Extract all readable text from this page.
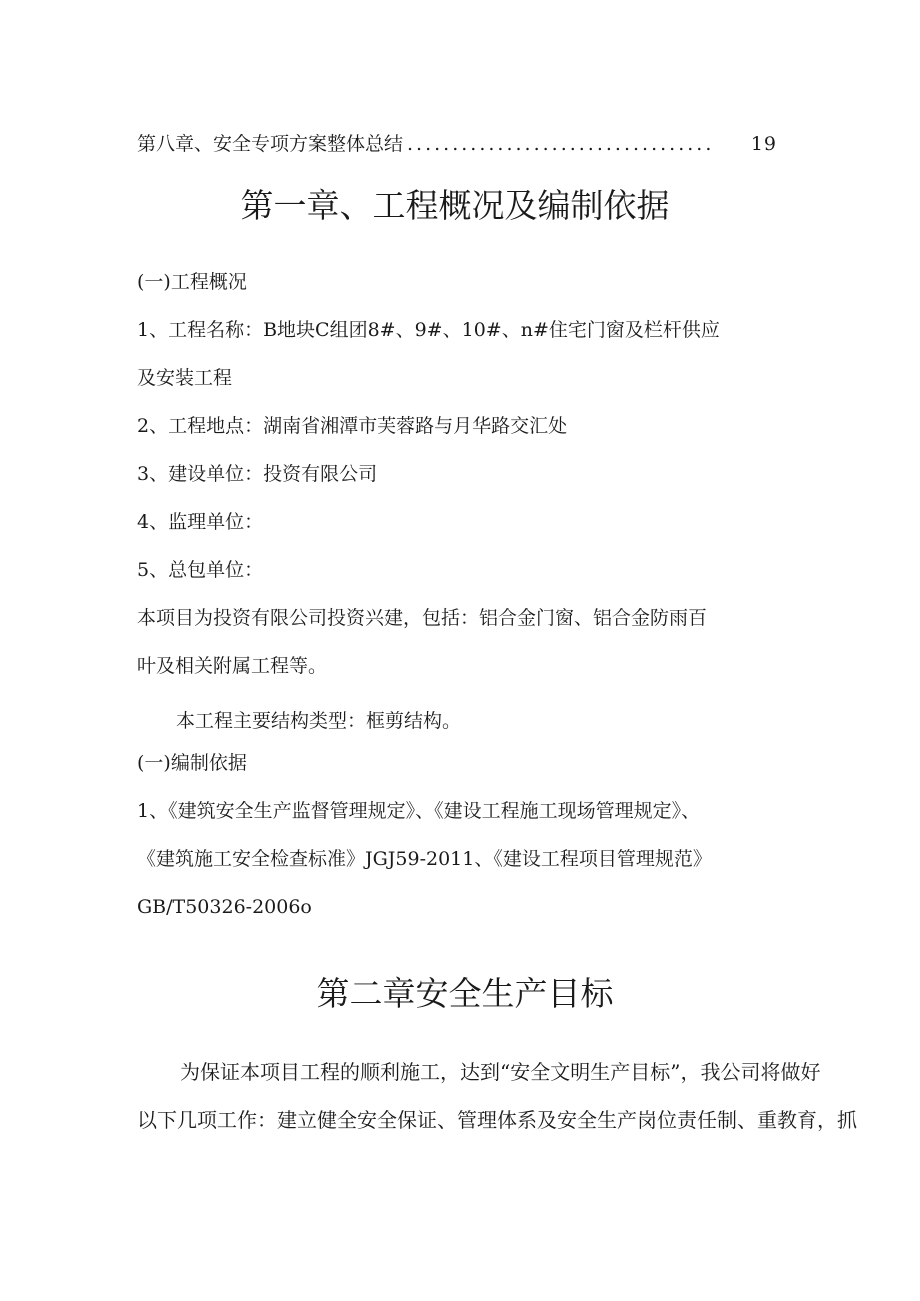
第八章、安全专项方案整体总结 ..................................	19
第一章、工程概况及编制依据
(一)工程概况
1、工程名称：B地块C组团8#、9#、10#、n#住宅门窗及栏杆供应
及安装工程
2、工程地点：湖南省湘潭市芙蓉路与月华路交汇处
3、建设单位：投资有限公司
4、监理单位：
5、总包单位：
本项目为投资有限公司投资兴建，包括：铝合金门窗、铝合金防雨百
叶及相关附属工程等。
本工程主要结构类型：框剪结构。
(一)编制依据
1、《建筑安全生产监督管理规定》、《建设工程施工现场管理规定》、
《建筑施工安全检查标准》JGJ59-2011、《建设工程项目管理规范》
GB/T50326-2006o
第二章安全生产目标
为保证本项目工程的顺利施工，达到“安全文明生产目标”，我公司将做好
以下几项工作：建立健全安全保证、管理体系及安全生产岗位责任制、重教育，抓
